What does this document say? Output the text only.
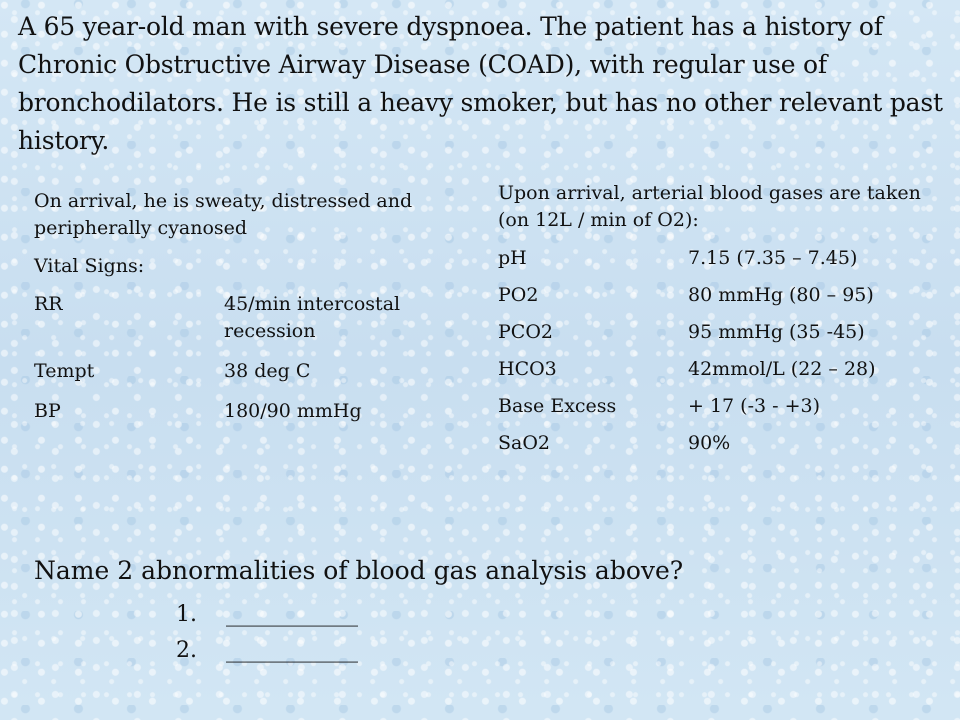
A 65 year-old man with severe dyspnoea. The patient has a history of Chronic Obstructive Airway Disease (COAD), with regular use of bronchodilators. He is still a heavy smoker, but has no other relevant past history.

On arrival, he is sweaty, distressed and peripherally cyanosed

Vital Signs:

RR	45/min intercostal recession
Tempt	38 deg C
BP	180/90 mmHg

Upon arrival, arterial blood gases are taken (on 12L / min of O2):

pH	7.15 (7.35 – 7.45)
PO2	80 mmHg (80 – 95)
PCO2	95 mmHg (35 -45)
HCO3	42mmol/L (22 – 28)
Base Excess	+ 17 (-3 - +3)
SaO2	90%
Name 2 abnormalities of blood gas analysis above?
1.	____________
2.	____________
